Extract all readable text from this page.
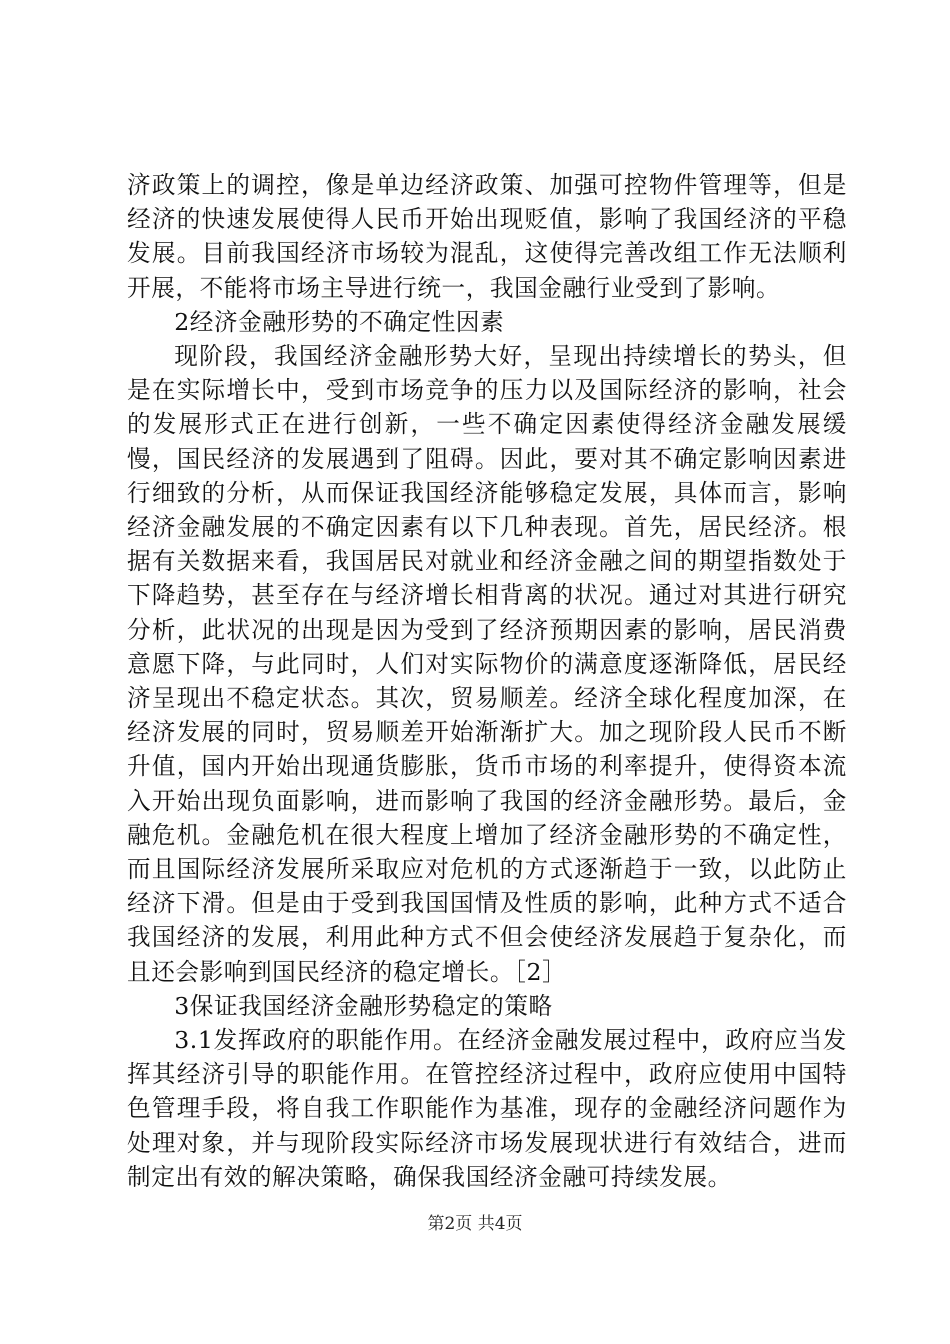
济政策上的调控，像是单边经济政策、加强可控物件管理等，但是经济的快速发展使得人民币开始出现贬值，影响了我国经济的平稳发展。目前我国经济市场较为混乱，这使得完善改组工作无法顺利开展，不能将市场主导进行统一，我国金融行业受到了影响。

2经济金融形势的不确定性因素

现阶段，我国经济金融形势大好，呈现出持续增长的势头，但是在实际增长中，受到市场竞争的压力以及国际经济的影响，社会的发展形式正在进行创新，一些不确定因素使得经济金融发展缓慢，国民经济的发展遇到了阻碍。因此，要对其不确定影响因素进行细致的分析，从而保证我国经济能够稳定发展，具体而言，影响经济金融发展的不确定因素有以下几种表现。首先，居民经济。根据有关数据来看，我国居民对就业和经济金融之间的期望指数处于下降趋势，甚至存在与经济增长相背离的状况。通过对其进行研究分析，此状况的出现是因为受到了经济预期因素的影响，居民消费意愿下降，与此同时，人们对实际物价的满意度逐渐降低，居民经济呈现出不稳定状态。其次，贸易顺差。经济全球化程度加深，在经济发展的同时，贸易顺差开始渐渐扩大。加之现阶段人民币不断升值，国内开始出现通货膨胀，货币市场的利率提升，使得资本流入开始出现负面影响，进而影响了我国的经济金融形势。最后，金融危机。金融危机在很大程度上增加了经济金融形势的不确定性，而且国际经济发展所采取应对危机的方式逐渐趋于一致，以此防止经济下滑。但是由于受到我国国情及性质的影响，此种方式不适合我国经济的发展，利用此种方式不但会使经济发展趋于复杂化，而且还会影响到国民经济的稳定增长。［2］

3保证我国经济金融形势稳定的策略

3.1发挥政府的职能作用。在经济金融发展过程中，政府应当发挥其经济引导的职能作用。在管控经济过程中，政府应使用中国特色管理手段，将自我工作职能作为基准，现存的金融经济问题作为处理对象，并与现阶段实际经济市场发展现状进行有效结合，进而制定出有效的解决策略，确保我国经济金融可持续发展。

第2页 共4页
